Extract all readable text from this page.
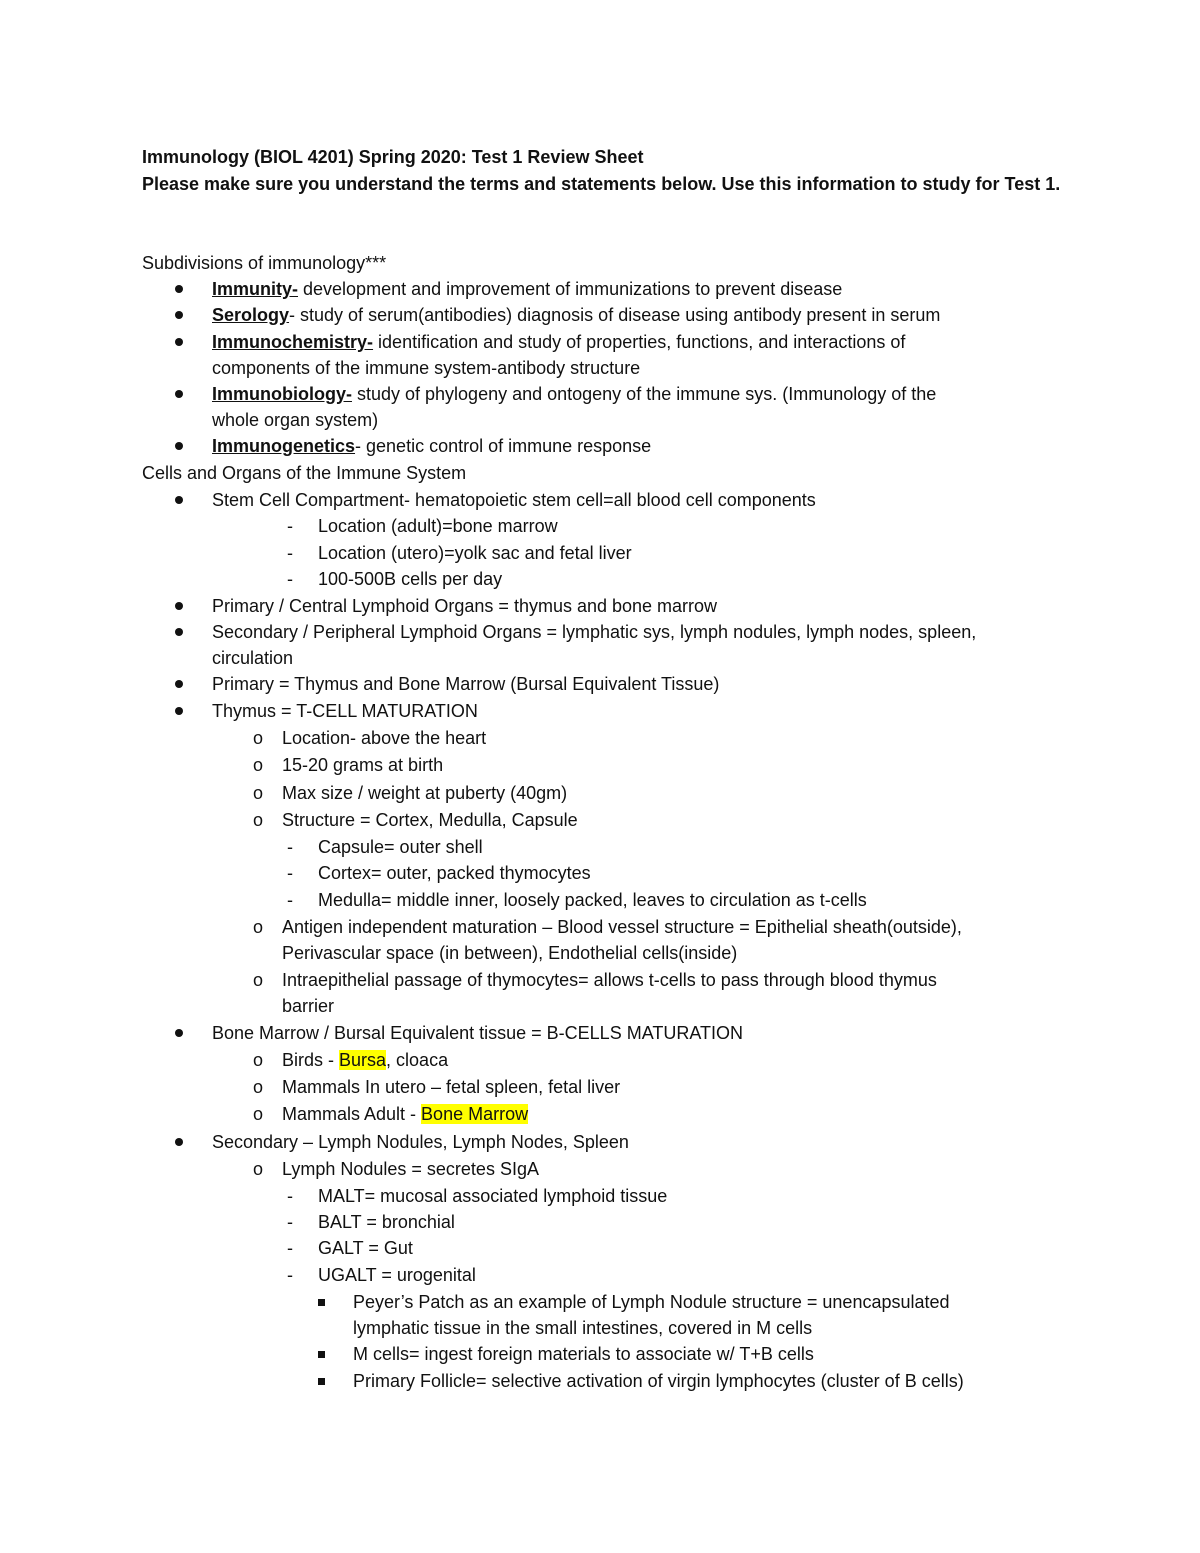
Immunology (BIOL 4201) Spring 2020: Test 1 Review Sheet
Please make sure you understand the terms and statements below. Use this information to study for Test 1.
Subdivisions of immunology***
Immunity- development and improvement of immunizations to prevent disease
Serology- study of serum(antibodies) diagnosis of disease using antibody present in serum
Immunochemistry- identification and study of properties, functions, and interactions of
components of the immune system-antibody structure
Immunobiology- study of phylogeny and ontogeny of the immune sys. (Immunology of the
whole organ system)
Immunogenetics- genetic control of immune response
Cells and Organs of the Immune System
Stem Cell Compartment- hematopoietic stem cell=all blood cell components
-	Location (adult)=bone marrow
-	Location (utero)=yolk sac and fetal liver
-	100-500B cells per day
Primary / Central Lymphoid Organs = thymus and bone marrow
Secondary / Peripheral Lymphoid Organs = lymphatic sys, lymph nodules, lymph nodes, spleen,
circulation
Primary = Thymus and Bone Marrow (Bursal Equivalent Tissue)
Thymus = T-CELL MATURATION
o Location- above the heart
o 15-20 grams at birth
o Max size / weight at puberty (40gm)
o Structure = Cortex, Medulla, Capsule
-	Capsule= outer shell
-	Cortex= outer, packed thymocytes
-	Medulla= middle inner, loosely packed, leaves to circulation as t-cells
o Antigen independent maturation – Blood vessel structure = Epithelial sheath(outside),
Perivascular space (in between), Endothelial cells(inside)
o Intraepithelial passage of thymocytes= allows t-cells to pass through blood thymus
barrier
Bone Marrow / Bursal Equivalent tissue = B-CELLS MATURATION
o Birds - Bursa, cloaca
o Mammals In utero – fetal spleen, fetal liver
o Mammals Adult - Bone Marrow
Secondary – Lymph Nodules, Lymph Nodes, Spleen
o Lymph Nodules = secretes SIgA
-	MALT= mucosal associated lymphoid tissue
-	BALT = bronchial
-	GALT = Gut
-	UGALT = urogenital
Peyer’s Patch as an example of Lymph Nodule structure = unencapsulated
lymphatic tissue in the small intestines, covered in M cells
M cells= ingest foreign materials to associate w/ T+B cells
Primary Follicle= selective activation of virgin lymphocytes (cluster of B cells)
